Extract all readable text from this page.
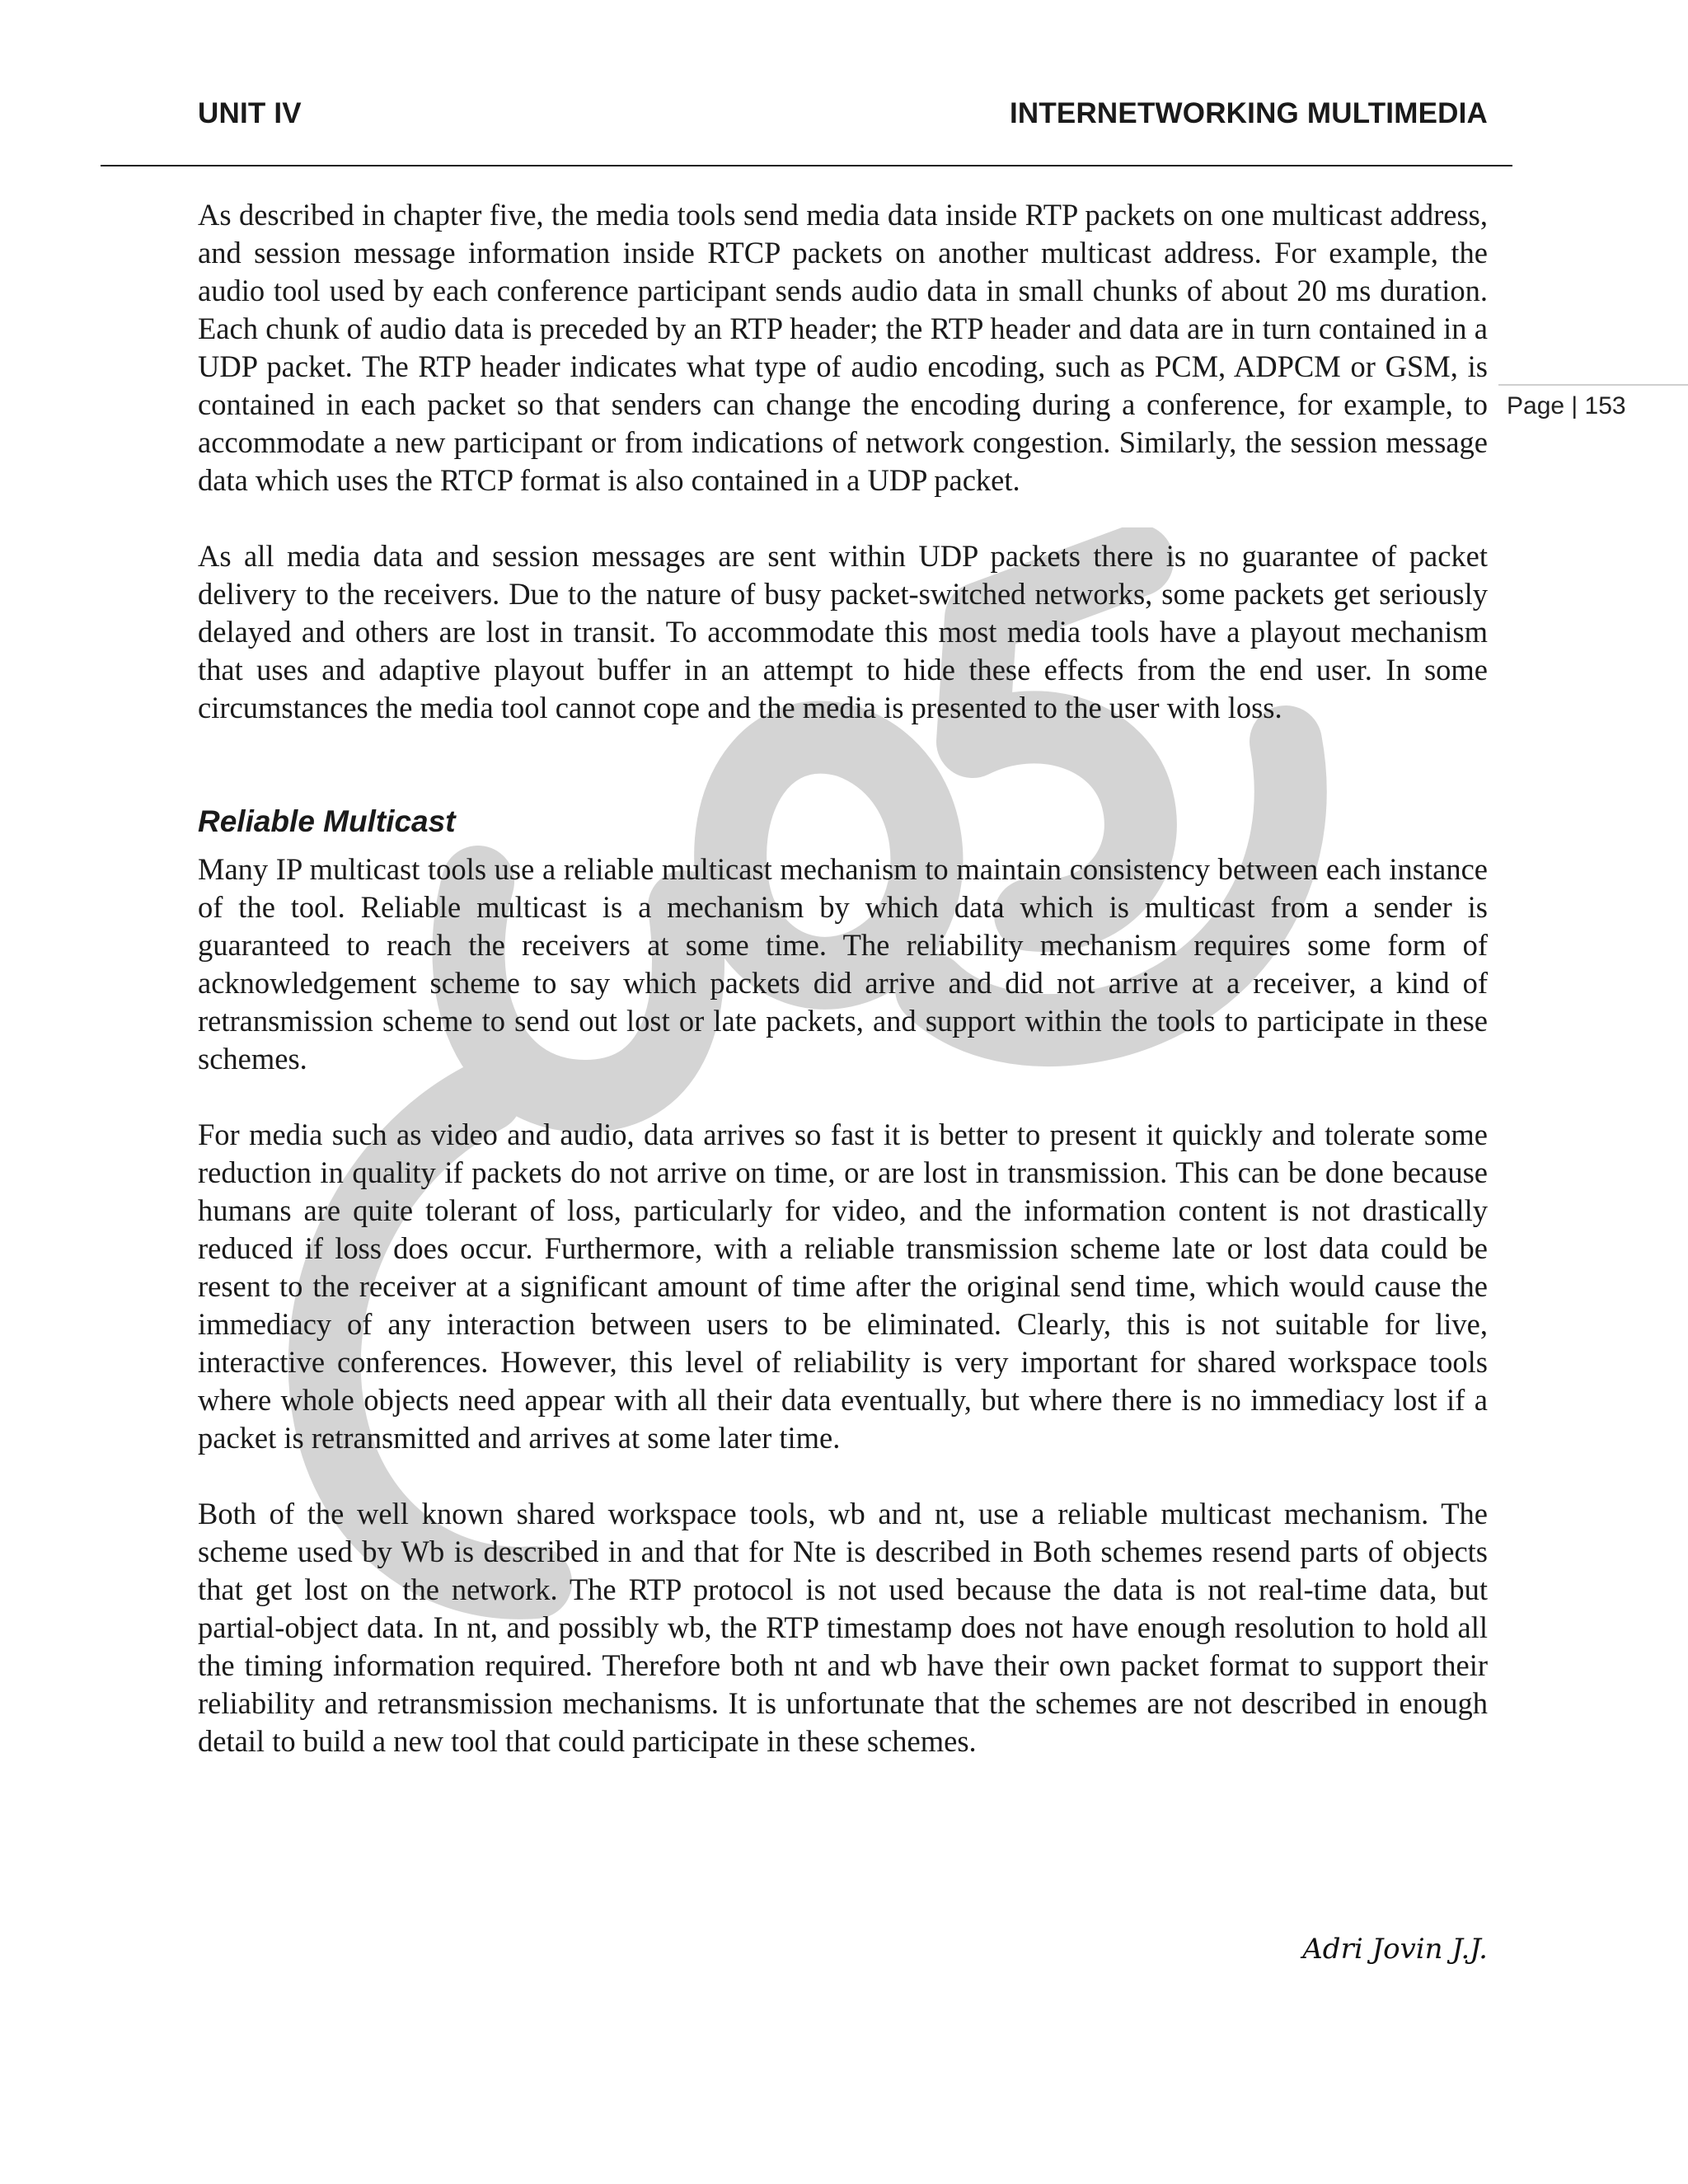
UNIT IV	INTERNETWORKING MULTIMEDIA
Page | 153

As described in chapter five, the media tools send media data inside RTP packets on one multicast address, and session message information inside RTCP packets on another multicast address. For example, the audio tool used by each conference participant sends audio data in small chunks of about 20 ms duration. Each chunk of audio data is preceded by an RTP header; the RTP header and data are in turn contained in a UDP packet. The RTP header indicates what type of audio encoding, such as PCM, ADPCM or GSM, is contained in each packet so that senders can change the encoding during a conference, for example, to accommodate a new participant or from indications of network congestion. Similarly, the session message data which uses the RTCP format is also contained in a UDP packet.

As all media data and session messages are sent within UDP packets there is no guarantee of packet delivery to the receivers. Due to the nature of busy packet-switched networks, some packets get seriously delayed and others are lost in transit. To accommodate this most media tools have a playout mechanism that uses and adaptive playout buffer in an attempt to hide these effects from the end user. In some circumstances the media tool cannot cope and the media is presented to the user with loss.

Reliable Multicast

Many IP multicast tools use a reliable multicast mechanism to maintain consistency between each instance of the tool. Reliable multicast is a mechanism by which data which is multicast from a sender is guaranteed to reach the receivers at some time. The reliability mechanism requires some form of acknowledgement scheme to say which packets did arrive and did not arrive at a receiver, a kind of retransmission scheme to send out lost or late packets, and support within the tools to participate in these schemes.

For media such as video and audio, data arrives so fast it is better to present it quickly and tolerate some reduction in quality if packets do not arrive on time, or are lost in transmission. This can be done because humans are quite tolerant of loss, particularly for video, and the information content is not drastically reduced if loss does occur. Furthermore, with a reliable transmission scheme late or lost data could be resent to the receiver at a significant amount of time after the original send time, which would cause the immediacy of any interaction between users to be eliminated. Clearly, this is not suitable for live, interactive conferences. However, this level of reliability is very important for shared workspace tools where whole objects need appear with all their data eventually, but where there is no immediacy lost if a packet is retransmitted and arrives at some later time.

Both of the well known shared workspace tools, wb and nt, use a reliable multicast mechanism. The scheme used by Wb is described in and that for Nte is described in Both schemes resend parts of objects that get lost on the network. The RTP protocol is not used because the data is not real-time data, but partial-object data. In nt, and possibly wb, the RTP timestamp does not have enough resolution to hold all the timing information required. Therefore both nt and wb have their own packet format to support their reliability and retransmission mechanisms. It is unfortunate that the schemes are not described in enough detail to build a new tool that could participate in these schemes.

Adri Jovin J.J.
